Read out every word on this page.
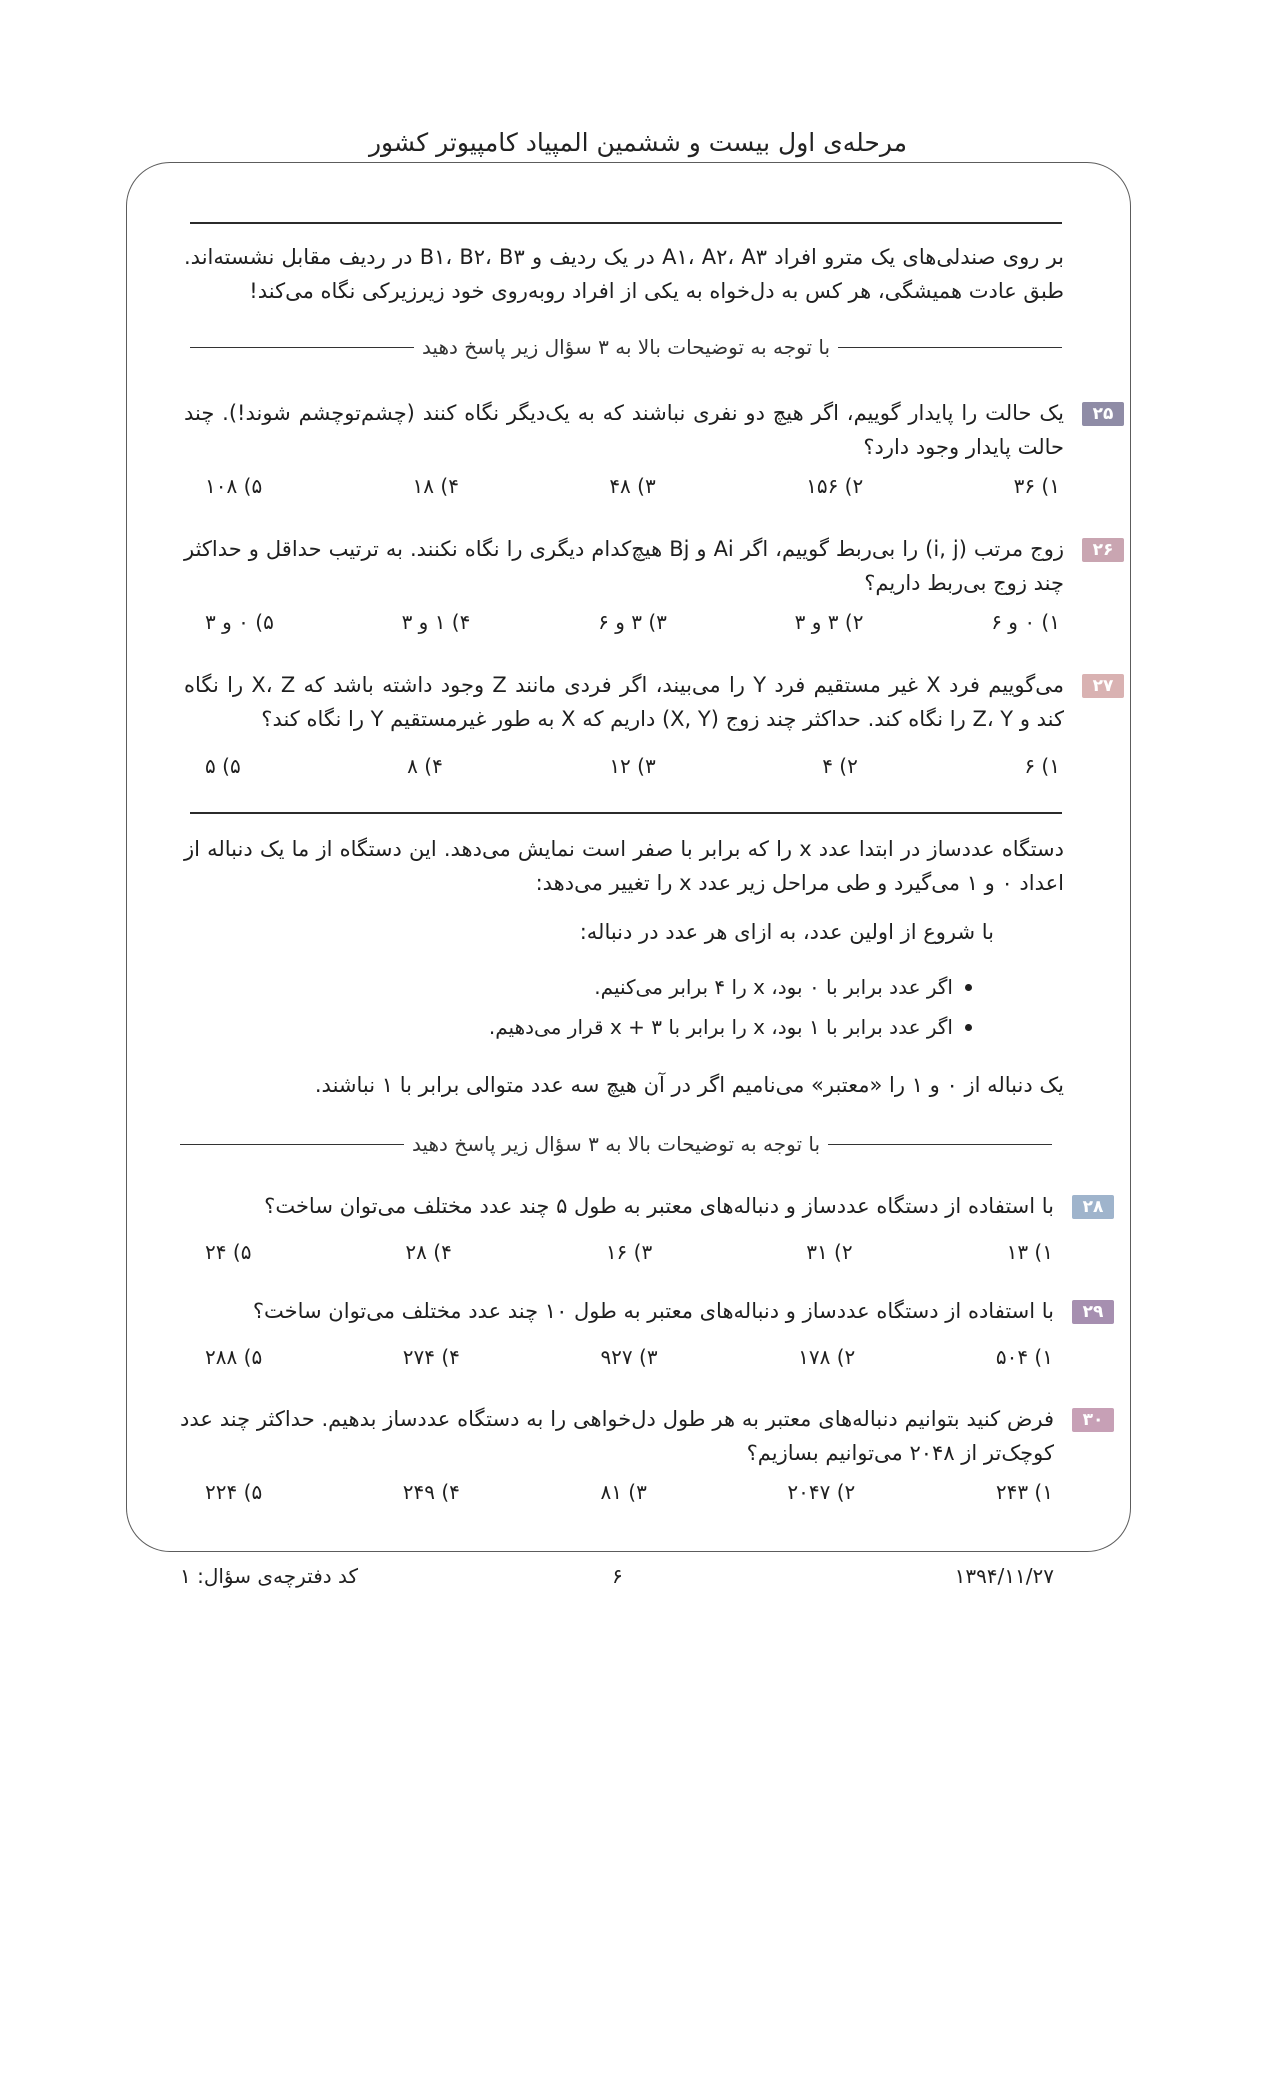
مرحله‌ی اول بیست و ششمین المپیاد کامپیوتر کشور
بر روی صندلی‌های یک مترو افراد A۱، A۲، A۳ در یک ردیف و B۱، B۲، B۳ در ردیف مقابل نشسته‌اند. طبق عادت همیشگی، هر کس به دل‌خواه به یکی از افراد روبه‌روی خود زیرزیرکی نگاه می‌کند!
با توجه به توضیحات بالا به ۳ سؤال زیر پاسخ دهید
۲۵
یک حالت را پایدار گوییم، اگر هیچ دو نفری نباشند که به یک‌دیگر نگاه کنند (چشم‌توچشم شوند!). چند حالت پایدار وجود دارد؟
۱) ۳۶
۲) ۱۵۶
۳) ۴۸
۴) ۱۸
۵) ۱۰۸
۲۶
زوج مرتب (i, j) را بی‌ربط گوییم، اگر Ai و Bj هیچ‌کدام دیگری را نگاه نکنند. به ترتیب حداقل و حداکثر چند زوج بی‌ربط داریم؟
۱) ۰ و ۶
۲) ۳ و ۳
۳) ۳ و ۶
۴) ۱ و ۳
۵) ۰ و ۳
۲۷
می‌گوییم فرد X غیر مستقیم فرد Y را می‌بیند، اگر فردی مانند Z وجود داشته باشد که X، Z را نگاه کند و Z، Y را نگاه کند. حداکثر چند زوج (X, Y) داریم که X به طور غیرمستقیم Y را نگاه کند؟
۱) ۶
۲) ۴
۳) ۱۲
۴) ۸
۵) ۵
دستگاه عددساز در ابتدا عدد x را که برابر با صفر است نمایش می‌دهد. این دستگاه از ما یک دنباله از اعداد ۰ و ۱ می‌گیرد و طی مراحل زیر عدد x را تغییر می‌دهد:
با شروع از اولین عدد، به ازای هر عدد در دنباله:
اگر عدد برابر با ۰ بود، x را ۴ برابر می‌کنیم.
اگر عدد برابر با ۱ بود، x را برابر با x + ۳ قرار می‌دهیم.
یک دنباله از ۰ و ۱ را «معتبر» می‌نامیم اگر در آن هیچ سه عدد متوالی برابر با ۱ نباشند.
با توجه به توضیحات بالا به ۳ سؤال زیر پاسخ دهید
۲۸
با استفاده از دستگاه عددساز و دنباله‌های معتبر به طول ۵ چند عدد مختلف می‌توان ساخت؟
۱) ۱۳
۲) ۳۱
۳) ۱۶
۴) ۲۸
۵) ۲۴
۲۹
با استفاده از دستگاه عددساز و دنباله‌های معتبر به طول ۱۰ چند عدد مختلف می‌توان ساخت؟
۱) ۵۰۴
۲) ۱۷۸
۳) ۹۲۷
۴) ۲۷۴
۵) ۲۸۸
۳۰
فرض کنید بتوانیم دنباله‌های معتبر به هر طول دل‌خواهی را به دستگاه عددساز بدهیم. حداکثر چند عدد کوچک‌تر از ۲۰۴۸ می‌توانیم بسازیم؟
۱) ۲۴۳
۲) ۲۰۴۷
۳) ۸۱
۴) ۲۴۹
۵) ۲۲۴
۱۳۹۴/۱۱/۲۷
۶
کد دفترچه‌ی سؤال: ۱
